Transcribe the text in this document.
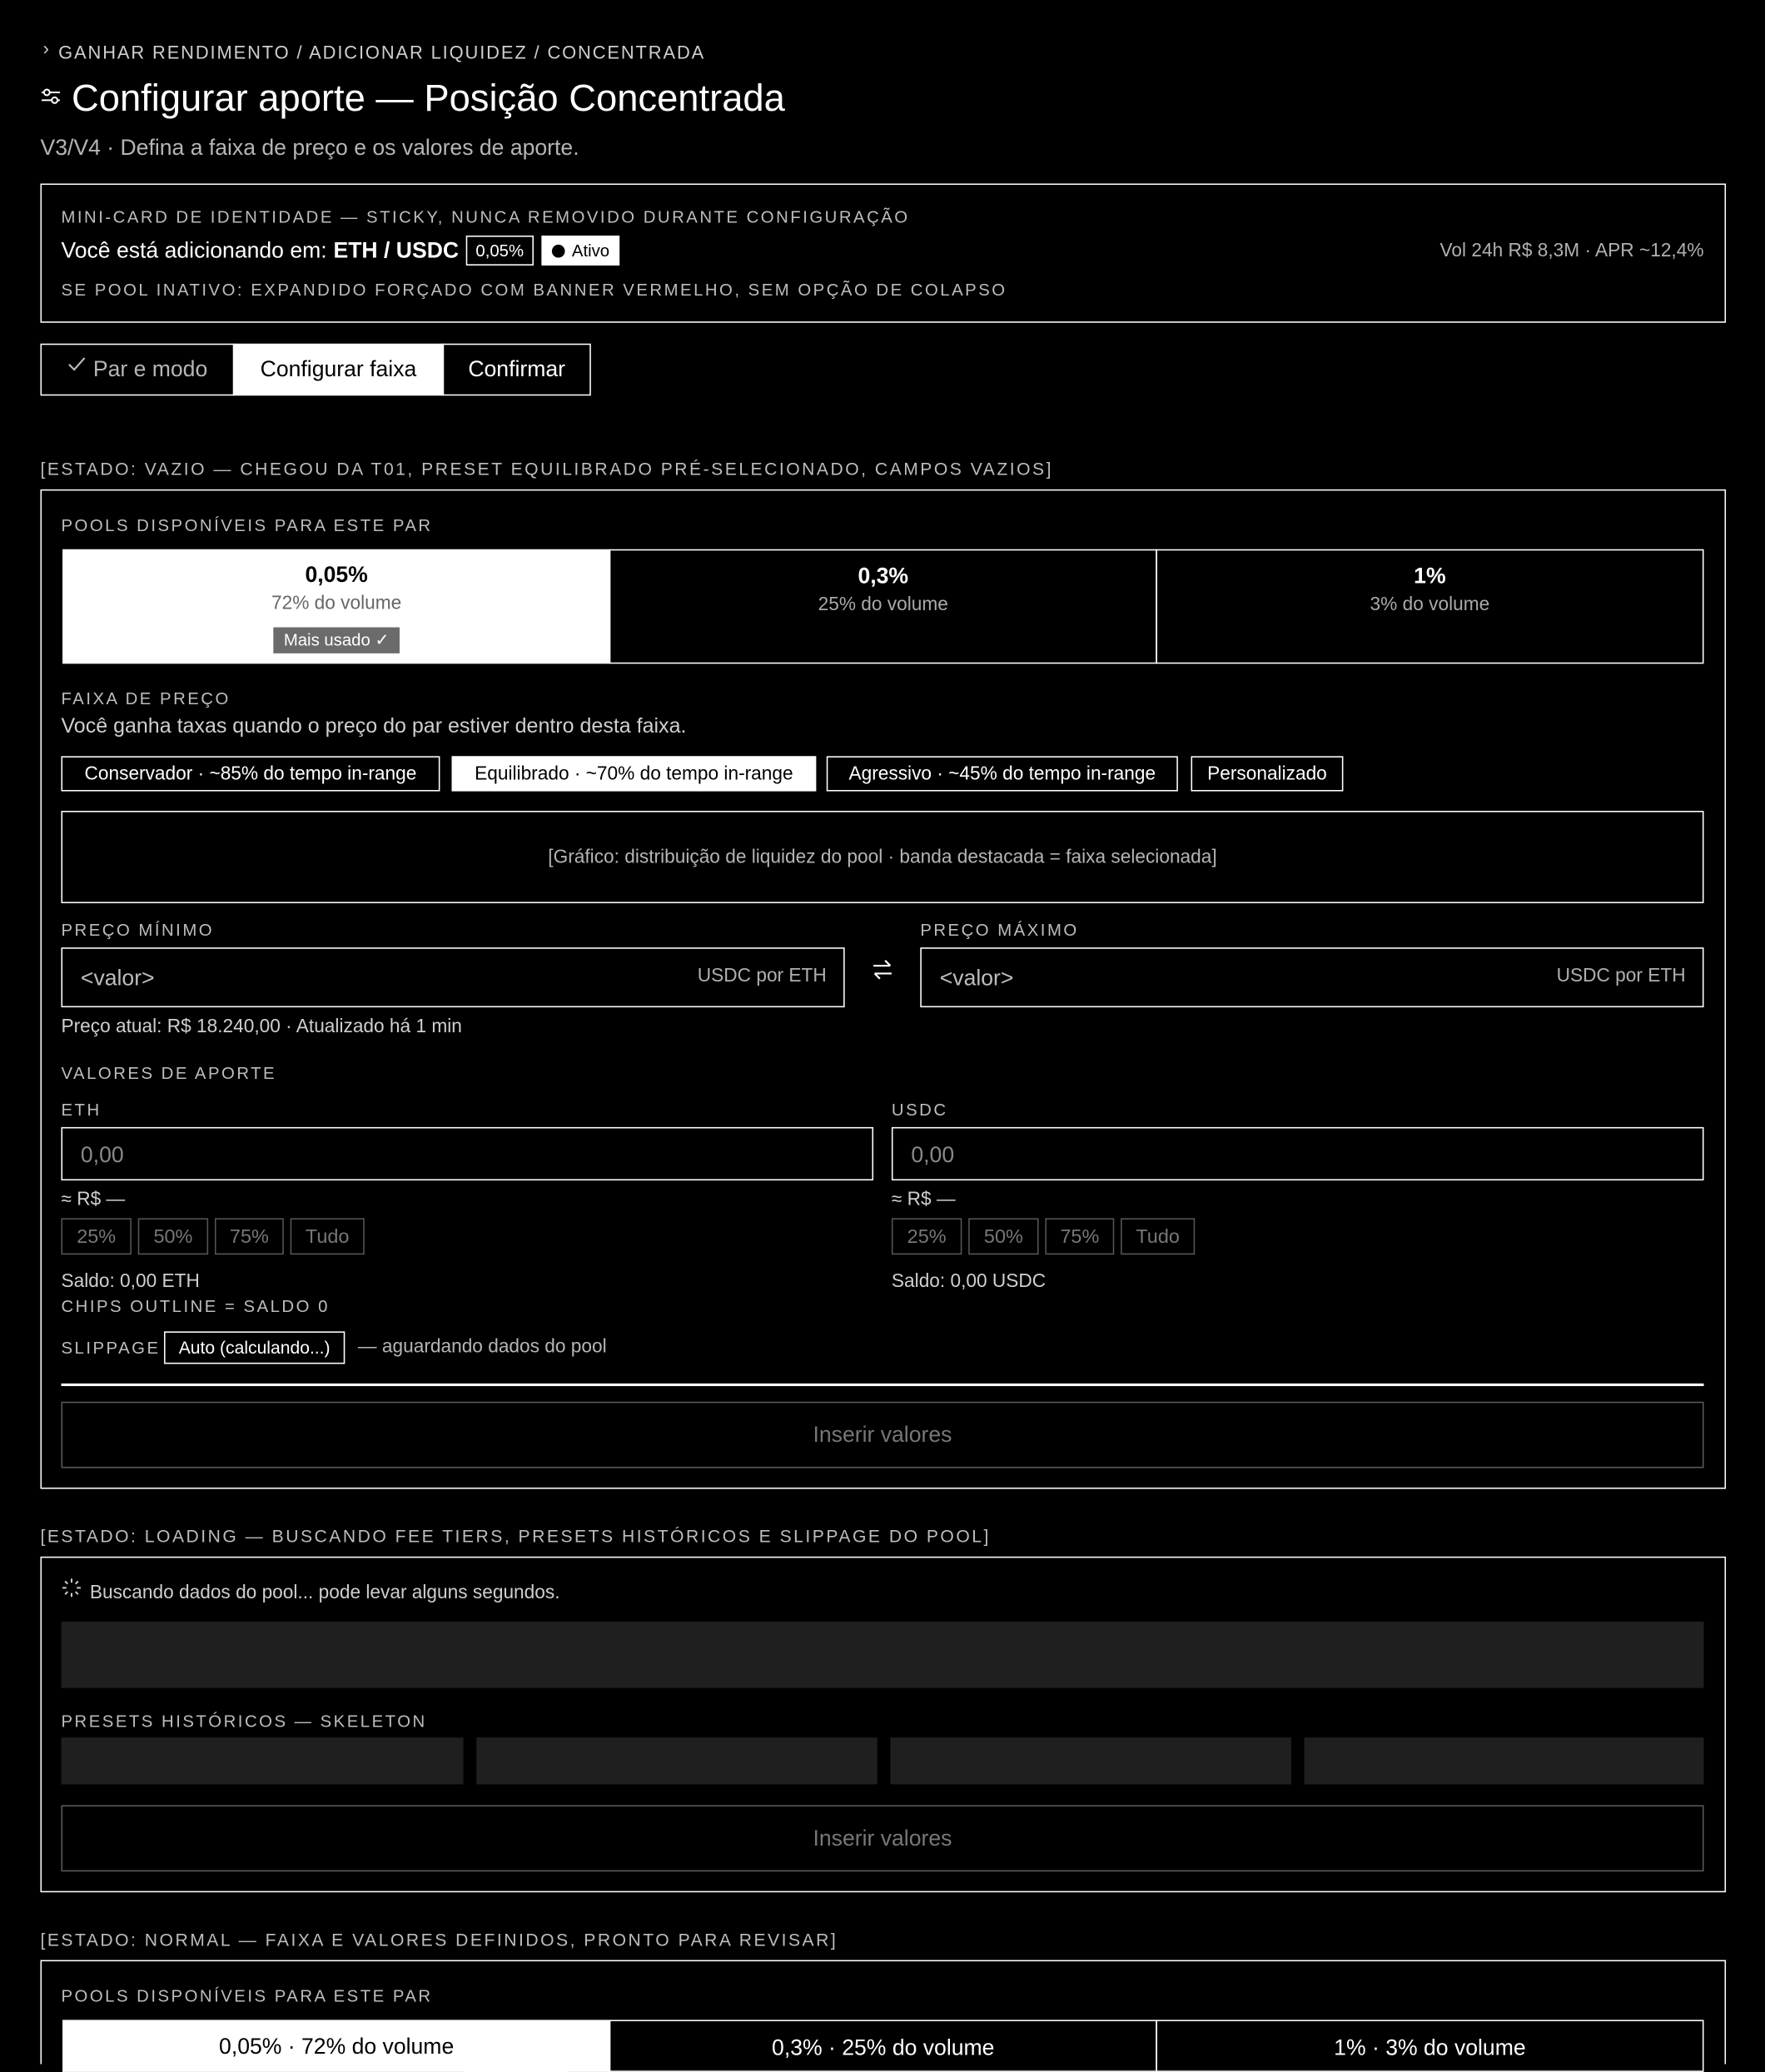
› GANHAR RENDIMENTO / ADICIONAR LIQUIDEZ / CONCENTRADA
Configurar aporte — Posição Concentrada
V3/V4 · Defina a faixa de preço e os valores de aporte.
MINI-CARD DE IDENTIDADE — STICKY, NUNCA REMOVIDO DURANTE CONFIGURAÇÃO
Você está adicionando em: ETH / USDC	0,05%	Ativo	Vol 24h R$ 8,3M · APR ~12,4%
SE POOL INATIVO: EXPANDIDO FORÇADO COM BANNER VERMELHO, SEM OPÇÃO DE COLAPSO
Par e modo	Configurar faixa	Confirmar
[ESTADO: VAZIO — CHEGOU DA T01, PRESET EQUILIBRADO PRÉ-SELECIONADO, CAMPOS VAZIOS]
POOLS DISPONÍVEIS PARA ESTE PAR
0,05%
72% do volume
Mais usado ✓
0,3%
25% do volume
1%
3% do volume
FAIXA DE PREÇO
Você ganha taxas quando o preço do par estiver dentro desta faixa.
Conservador · ~85% do tempo in-range	Equilibrado · ~70% do tempo in-range	Agressivo · ~45% do tempo in-range	Personalizado
[Gráfico: distribuição de liquidez do pool · banda destacada = faixa selecionada]
PREÇO MÍNIMO
<valor>	USDC por ETH
PREÇO MÁXIMO
<valor>	USDC por ETH
Preço atual: R$ 18.240,00 · Atualizado há 1 min
VALORES DE APORTE
ETH	USDC
0,00	0,00
≈ R$ —	≈ R$ —
25%	50%	75%	Tudo	25%	50%	75%	Tudo
Saldo: 0,00 ETH
CHIPS OUTLINE = SALDO 0
Saldo: 0,00 USDC
SLIPPAGE	Auto (calculando...)	— aguardando dados do pool
Inserir valores
[ESTADO: LOADING — BUSCANDO FEE TIERS, PRESETS HISTÓRICOS E SLIPPAGE DO POOL]
Buscando dados do pool... pode levar alguns segundos.
PRESETS HISTÓRICOS — SKELETON
Inserir valores
[ESTADO: NORMAL — FAIXA E VALORES DEFINIDOS, PRONTO PARA REVISAR]
POOLS DISPONÍVEIS PARA ESTE PAR
0,05% · 72% do volume	0,3% · 25% do volume	1% · 3% do volume
